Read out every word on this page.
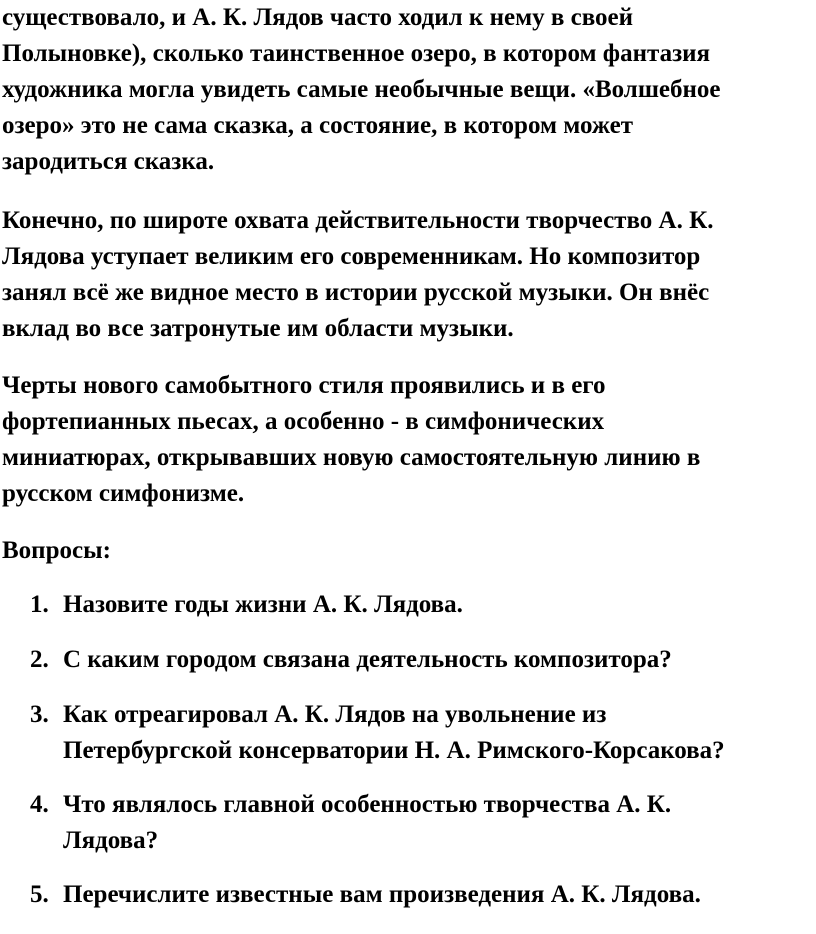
существовало, и А. К. Лядов часто ходил к нему в своей
Полыновке), сколько таинственное озеро, в котором фантазия
художника могла увидеть самые необычные вещи. «Волшебное
озеро» это не сама сказка, а состояние, в котором может
зародиться сказка.
Конечно, по широте охвата действительности творчество А. К.
Лядова уступает великим его современникам. Но композитор
занял всё же видное место в истории русской музыки. Он внёс
вклад во все затронутые им области музыки.
Черты нового самобытного стиля проявились и в его
фортепианных пьесах, а особенно - в симфонических
миниатюрах, открывавших новую самостоятельную линию в
русском симфонизме.
Вопросы:
1. Назовите годы жизни А. К. Лядова.
2. С каким городом связана деятельность композитора?
3. Как отреагировал А. К. Лядов на увольнение из
Петербургской консерватории Н. А. Римского-Корсакова?
4. Что являлось главной особенностью творчества А. К.
Лядова?
5. Перечислите известные вам произведения А. К. Лядова.
